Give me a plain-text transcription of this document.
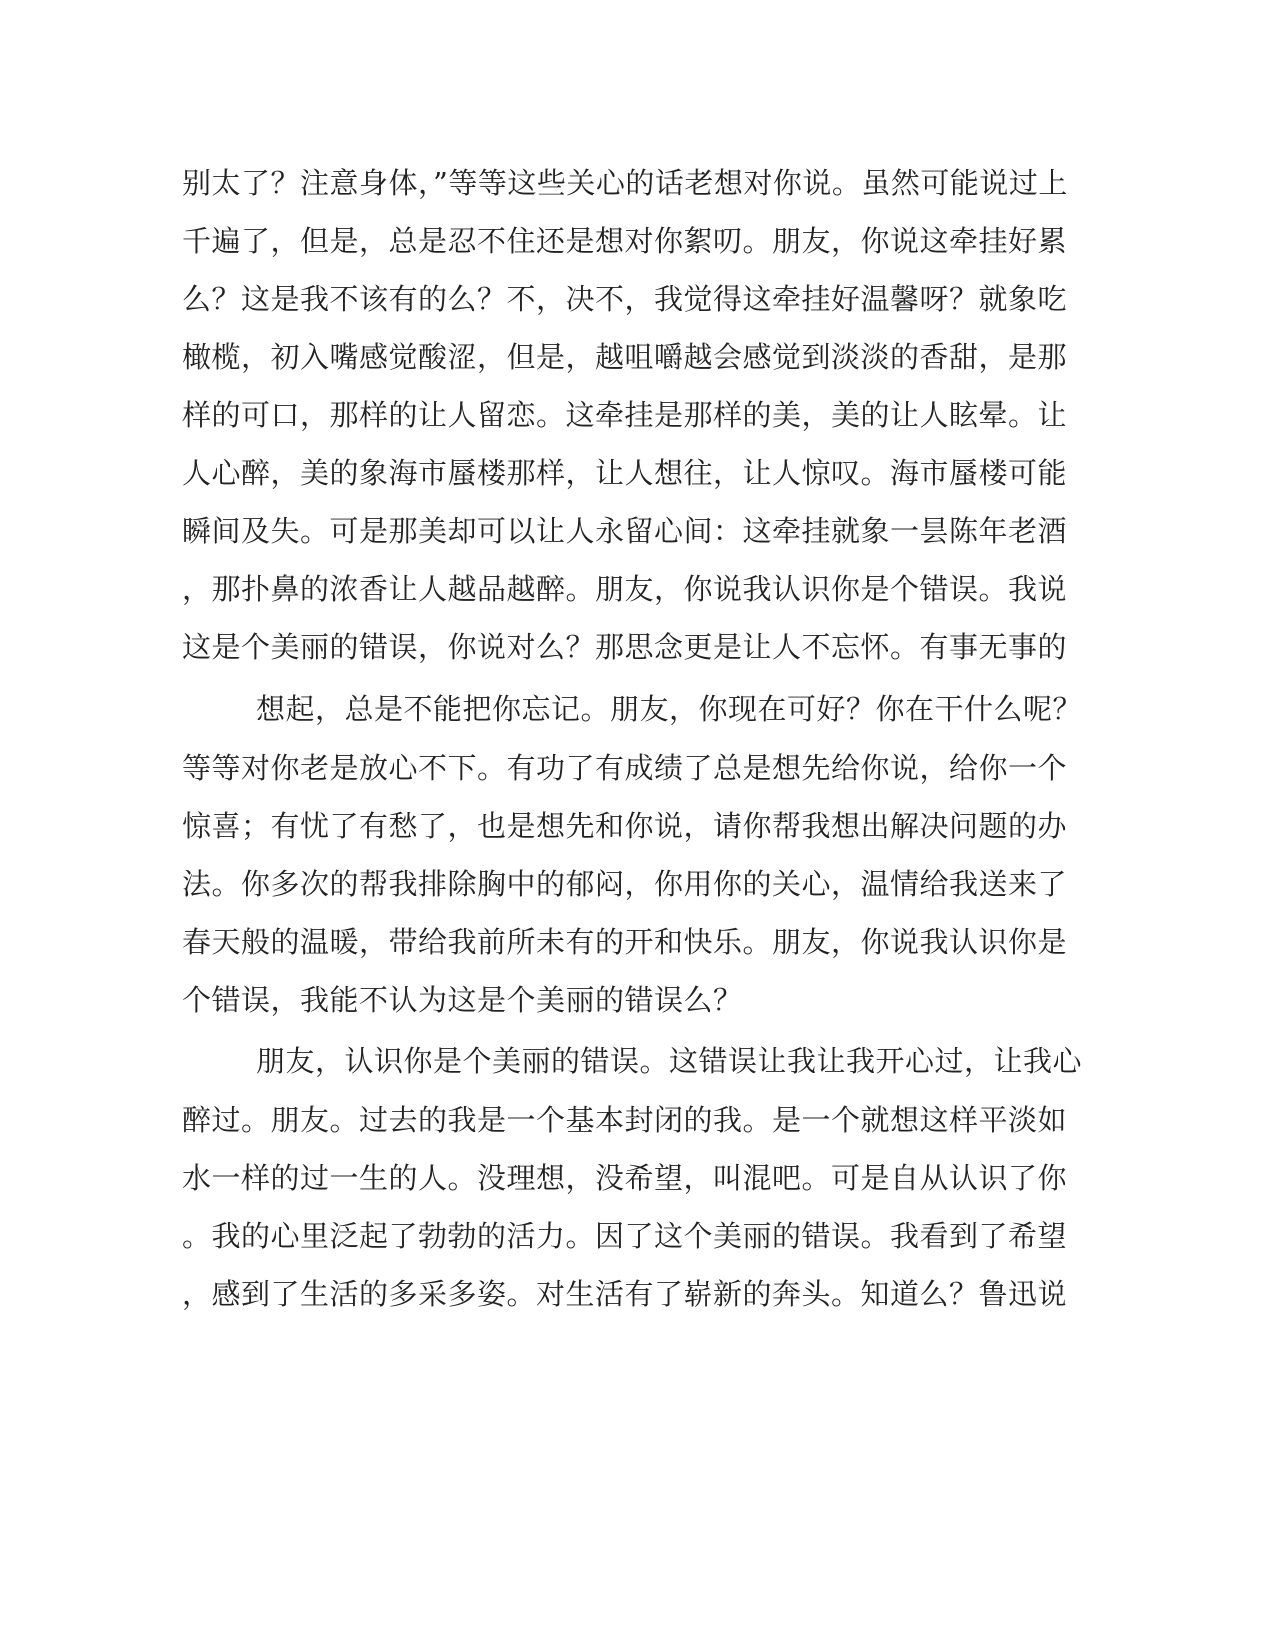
别太了？注意身体，”等等这些关心的话老想对你说。虽然可能说过上
千遍了，但是，总是忍不住还是想对你絮叨。朋友，你说这牵挂好累
么？这是我不该有的么？不，决不，我觉得这牵挂好温馨呀？就象吃
橄榄，初入嘴感觉酸涩，但是，越咀嚼越会感觉到淡淡的香甜，是那
样的可口，那样的让人留恋。这牵挂是那样的美，美的让人眩晕。让
人心醉，美的象海市蜃楼那样，让人想往，让人惊叹。海市蜃楼可能
瞬间及失。可是那美却可以让人永留心间：这牵挂就象一昙陈年老酒
，那扑鼻的浓香让人越品越醉。朋友，你说我认识你是个错误。我说
这是个美丽的错误，你说对么？那思念更是让人不忘怀。有事无事的
想起，总是不能把你忘记。朋友，你现在可好？你在干什么呢？
等等对你老是放心不下。有功了有成绩了总是想先给你说，给你一个
惊喜；有忧了有愁了，也是想先和你说，请你帮我想出解决问题的办
法。你多次的帮我排除胸中的郁闷，你用你的关心，温情给我送来了
春天般的温暖，带给我前所未有的开和快乐。朋友，你说我认识你是
个错误，我能不认为这是个美丽的错误么？
朋友，认识你是个美丽的错误。这错误让我让我开心过，让我心
醉过。朋友。过去的我是一个基本封闭的我。是一个就想这样平淡如
水一样的过一生的人。没理想，没希望，叫混吧。可是自从认识了你
。我的心里泛起了勃勃的活力。因了这个美丽的错误。我看到了希望
，感到了生活的多采多姿。对生活有了崭新的奔头。知道么？鲁迅说
